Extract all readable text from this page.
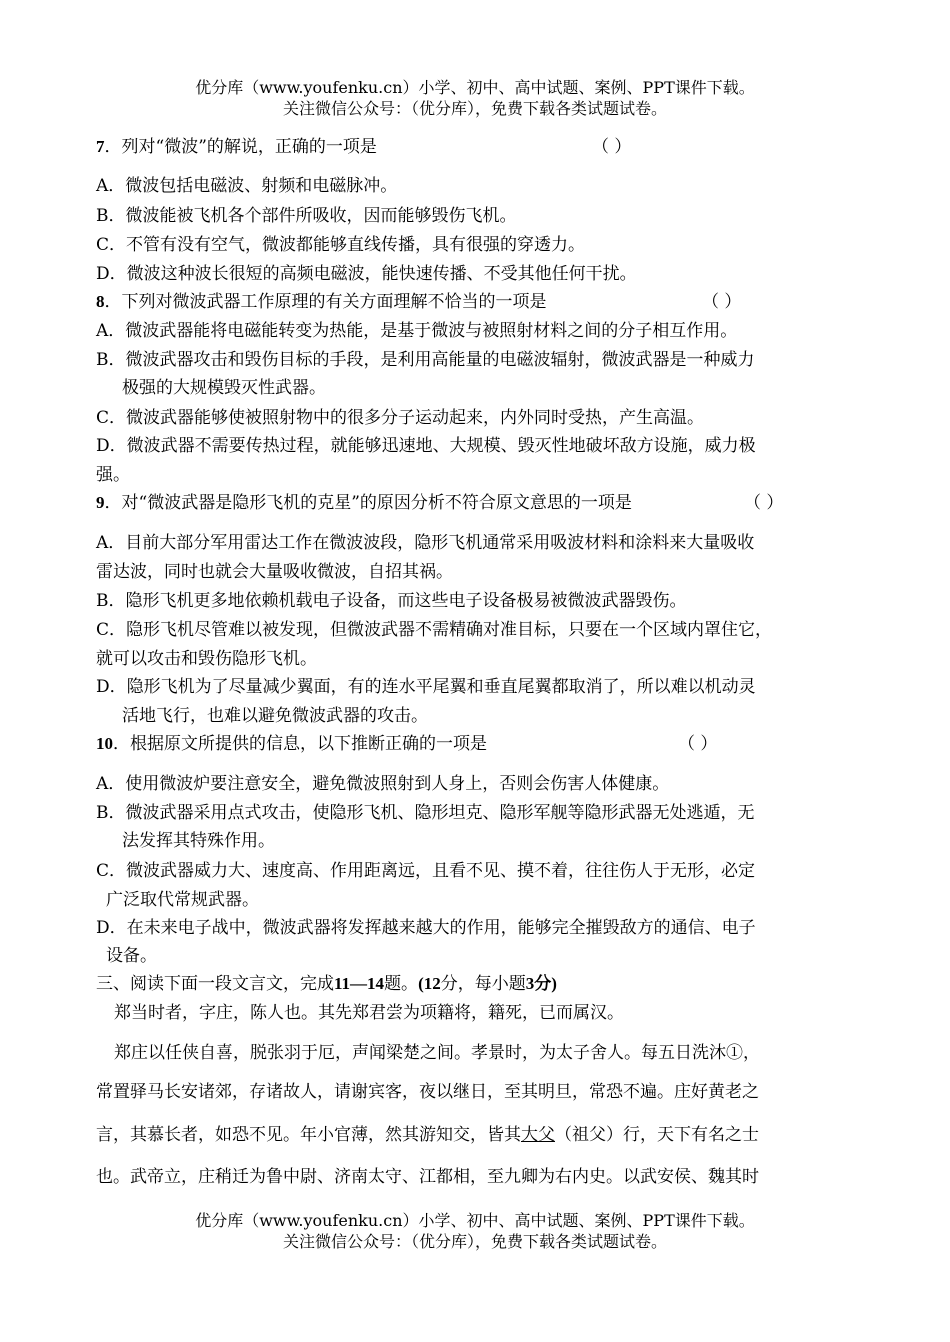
优分库（www.youfenku.cn）小学、初中、高中试题、案例、PPT课件下载。
关注微信公众号：（优分库），免费下载各类试题试卷。
7．列对“微波”的解说，正确的一项是	（ ）
A．微波包括电磁波、射频和电磁脉冲。
B．微波能被飞机各个部件所吸收，因而能够毁伤飞机。
C．不管有没有空气，微波都能够直线传播，具有很强的穿透力。
D．微波这种波长很短的高频电磁波，能快速传播、不受其他任何干扰。
8．下列对微波武器工作原理的有关方面理解不恰当的一项是	（ ）
A．微波武器能将电磁能转变为热能，是基于微波与被照射材料之间的分子相互作用。
B．微波武器攻击和毁伤目标的手段，是利用高能量的电磁波辐射，微波武器是一种威力
极强的大规模毁灭性武器。
C．微波武器能够使被照射物中的很多分子运动起来，内外同时受热，产生高温。
D．微波武器不需要传热过程，就能够迅速地、大规模、毁灭性地破坏敌方设施，威力极
强。
9．对“微波武器是隐形飞机的克星”的原因分析不符合原文意思的一项是	（ ）
A．目前大部分军用雷达工作在微波波段，隐形飞机通常采用吸波材料和涂料来大量吸收
雷达波，同时也就会大量吸收微波，自招其祸。
B．隐形飞机更多地依赖机载电子设备，而这些电子设备极易被微波武器毁伤。
C．隐形飞机尽管难以被发现，但微波武器不需精确对准目标，只要在一个区域内罩住它，
就可以攻击和毁伤隐形飞机。
D．隐形飞机为了尽量减少翼面，有的连水平尾翼和垂直尾翼都取消了，所以难以机动灵
活地飞行，也难以避免微波武器的攻击。
10．根据原文所提供的信息，以下推断正确的一项是	（ ）
A．使用微波炉要注意安全，避免微波照射到人身上，否则会伤害人体健康。
B．微波武器采用点式攻击，使隐形飞机、隐形坦克、隐形军舰等隐形武器无处逃遁，无
法发挥其特殊作用。
C．微波武器威力大、速度高、作用距离远，且看不见、摸不着，往往伤人于无形，必定
广泛取代常规武器。
D．在未来电子战中，微波武器将发挥越来越大的作用，能够完全摧毁敌方的通信、电子
设备。
三、阅读下面一段文言文，完成11—14题。(12分，每小题3分)
郑当时者，字庄，陈人也。其先郑君尝为项籍将，籍死，已而属汉。
郑庄以任侠自喜，脱张羽于厄，声闻梁楚之间。孝景时，为太子舍人。每五日洗沐①，
常置驿马长安诸郊，存诸故人，请谢宾客，夜以继日，至其明旦，常恐不遍。庄好黄老之
言，其慕长者，如恐不见。年小官薄，然其游知交，皆其大父（祖父）行，天下有名之士
也。武帝立，庄稍迁为鲁中尉、济南太守、江都相，至九卿为右内史。以武安侯、魏其时
优分库（www.youfenku.cn）小学、初中、高中试题、案例、PPT课件下载。
关注微信公众号：（优分库），免费下载各类试题试卷。
